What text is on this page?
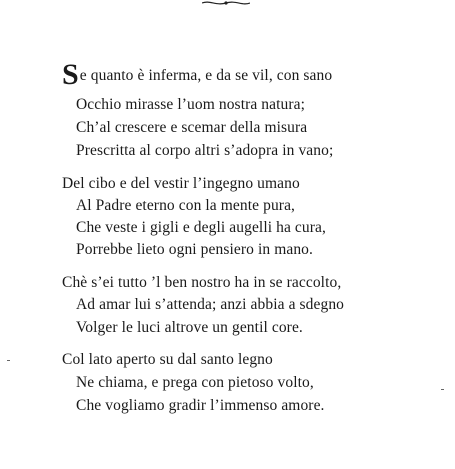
Se quanto è inferma, e da se vil, con sano
Occhio mirasse l’uom nostra natura;
Ch’al crescere e scemar della misura
Prescritta al corpo altri s’adopra in vano;
Del cibo e del vestir l’ingegno umano
Al Padre eterno con la mente pura,
Che veste i gigli e degli augelli ha cura,
Porrebbe lieto ogni pensiero in mano.
Chè s’ei tutto ’l ben nostro ha in se raccolto,
Ad amar lui s’attenda; anzi abbia a sdegno
Volger le luci altrove un gentil core.
Col lato aperto su dal santo legno
Ne chiama, e prega con pietoso volto,
Che vogliamo gradir l’immenso amore.
